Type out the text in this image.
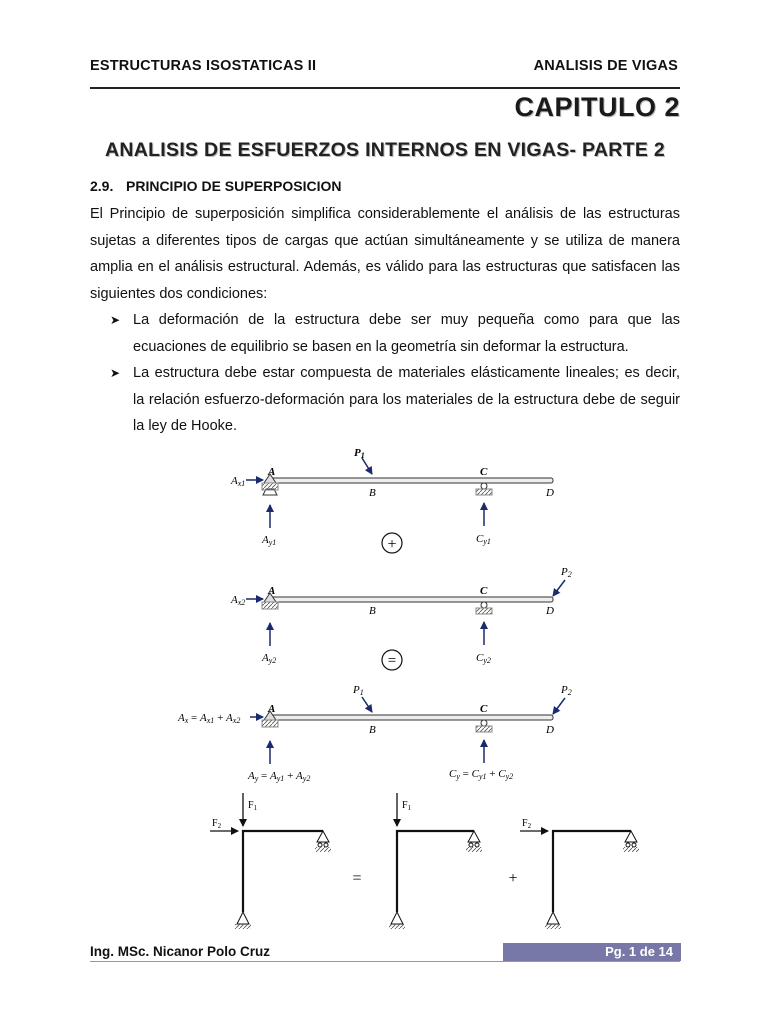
ESTRUCTURAS ISOSTATICAS II	ANALISIS DE VIGAS
CAPITULO 2
ANALISIS DE ESFUERZOS INTERNOS EN VIGAS- PARTE 2
2.9. PRINCIPIO DE SUPERPOSICION
El Principio de superposición simplifica considerablemente el análisis de las estructuras sujetas a diferentes tipos de cargas que actúan simultáneamente y se utiliza de manera amplia en el análisis estructural. Además, es válido para las estructuras que satisfacen las siguientes dos condiciones:
➤ La deformación de la estructura debe ser muy pequeña como para que las ecuaciones de equilibrio se basen en la geometría sin deformar la estructura.
➤ La estructura debe estar compuesta de materiales elásticamente lineales; es decir, la relación esfuerzo-deformación para los materiales de la estructura debe de seguir la ley de Hooke.
A
B
C
D
P1
Ax1
Ay1	Cy1
+
A
B
C
D
P2
Ax2
Ay2	Cy2
=
A
B
C
D
P1	P2
Ax = Ax1 + Ax2
Ay = Ay1 + Ay2	Cy = Cy1 + Cy2
$F_1$
$F_2$
=
$F_1$
+
$F_2$
Ing. MSc. Nicanor Polo Cruz	Pg. 1 de 14
